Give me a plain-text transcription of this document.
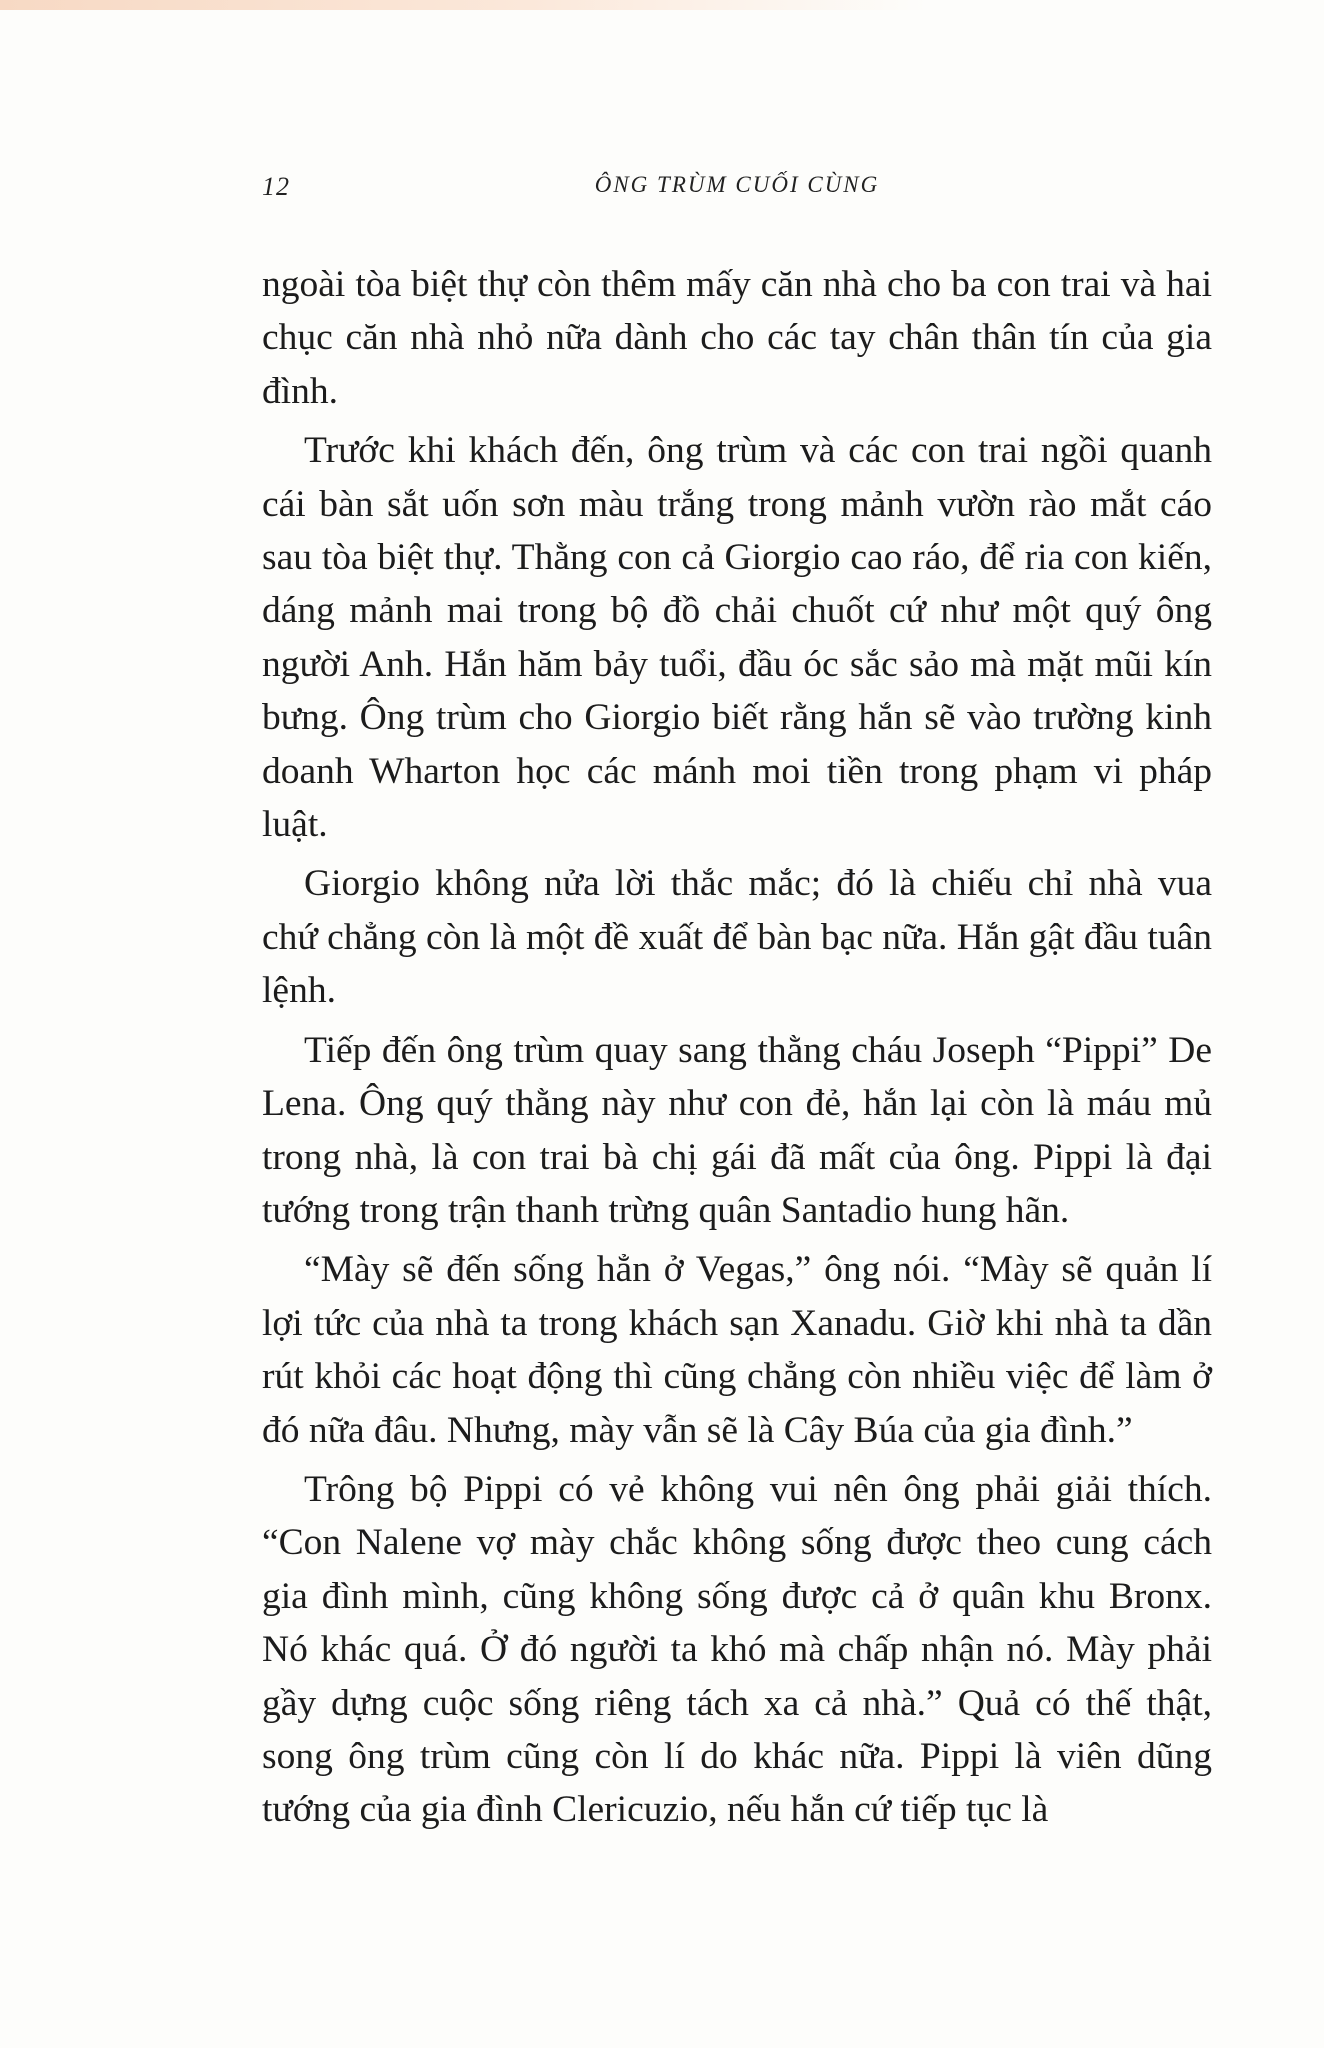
12	ÔNG TRÙM CUỐI CÙNG

ngoài tòa biệt thự còn thêm mấy căn nhà cho ba con trai và hai chục căn nhà nhỏ nữa dành cho các tay chân thân tín của gia đình.

Trước khi khách đến, ông trùm và các con trai ngồi quanh cái bàn sắt uốn sơn màu trắng trong mảnh vườn rào mắt cáo sau tòa biệt thự. Thằng con cả Giorgio cao ráo, để ria con kiến, dáng mảnh mai trong bộ đồ chải chuốt cứ như một quý ông người Anh. Hắn hăm bảy tuổi, đầu óc sắc sảo mà mặt mũi kín bưng. Ông trùm cho Giorgio biết rằng hắn sẽ vào trường kinh doanh Wharton học các mánh moi tiền trong phạm vi pháp luật.

Giorgio không nửa lời thắc mắc; đó là chiếu chỉ nhà vua chứ chẳng còn là một đề xuất để bàn bạc nữa. Hắn gật đầu tuân lệnh.

Tiếp đến ông trùm quay sang thằng cháu Joseph “Pippi” De Lena. Ông quý thằng này như con đẻ, hắn lại còn là máu mủ trong nhà, là con trai bà chị gái đã mất của ông. Pippi là đại tướng trong trận thanh trừng quân Santadio hung hãn.

“Mày sẽ đến sống hẳn ở Vegas,” ông nói. “Mày sẽ quản lí lợi tức của nhà ta trong khách sạn Xanadu. Giờ khi nhà ta dần rút khỏi các hoạt động thì cũng chẳng còn nhiều việc để làm ở đó nữa đâu. Nhưng, mày vẫn sẽ là Cây Búa của gia đình.”

Trông bộ Pippi có vẻ không vui nên ông phải giải thích. “Con Nalene vợ mày chắc không sống được theo cung cách gia đình mình, cũng không sống được cả ở quân khu Bronx. Nó khác quá. Ở đó người ta khó mà chấp nhận nó. Mày phải gầy dựng cuộc sống riêng tách xa cả nhà.” Quả có thế thật, song ông trùm cũng còn lí do khác nữa. Pippi là viên dũng tướng của gia đình Clericuzio, nếu hắn cứ tiếp tục là
